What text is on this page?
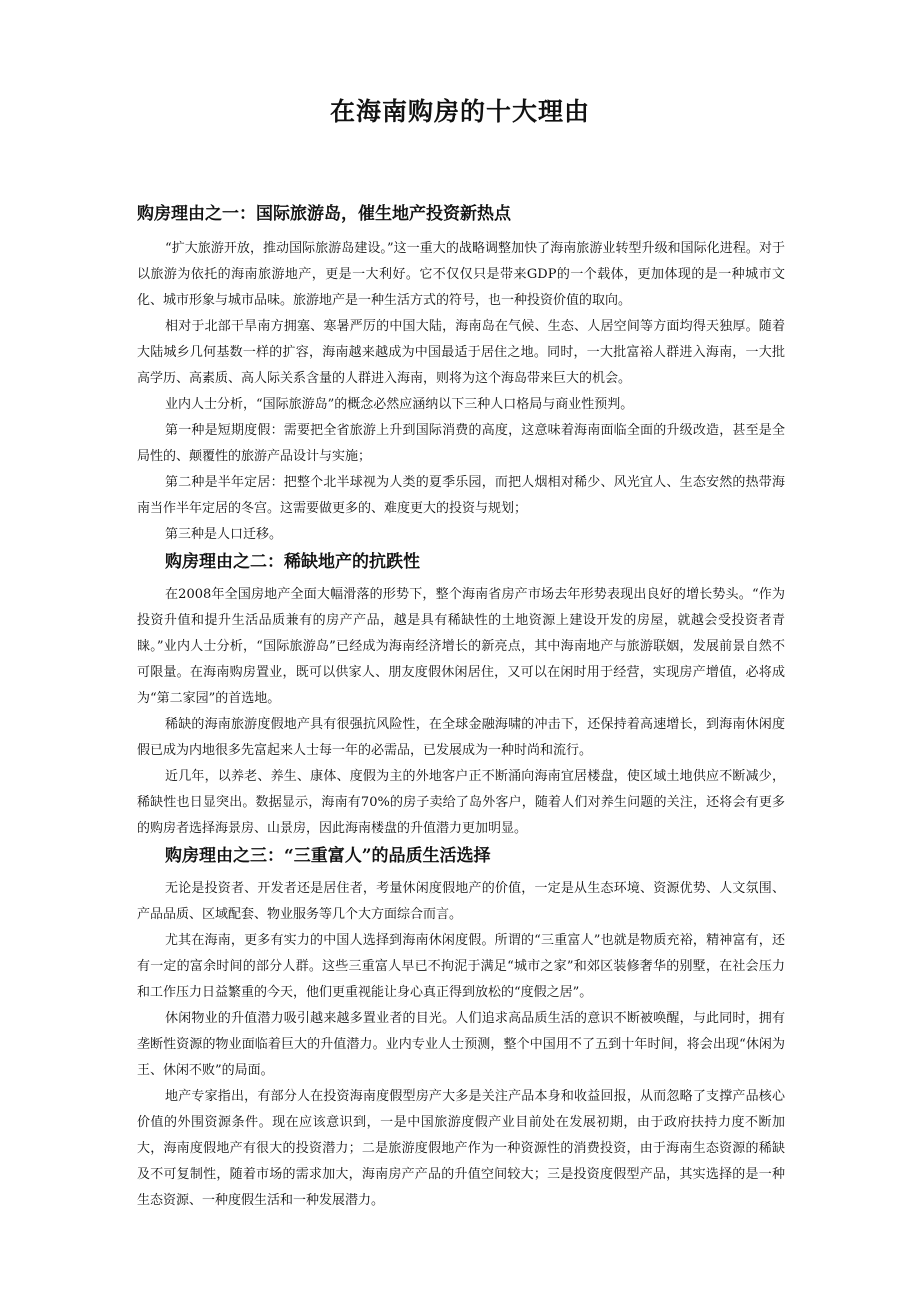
在海南购房的十大理由
购房理由之一：国际旅游岛，催生地产投资新热点

“扩大旅游开放，推动国际旅游岛建设。”这一重大的战略调整加快了海南旅游业转型升级和国际化进程。对于以旅游为依托的海南旅游地产，更是一大利好。它不仅仅只是带来GDP的一个载体，更加体现的是一种城市文化、城市形象与城市品味。旅游地产是一种生活方式的符号，也一种投资价值的取向。

相对于北部干旱南方拥塞、寒暑严厉的中国大陆，海南岛在气候、生态、人居空间等方面均得天独厚。随着大陆城乡几何基数一样的扩容，海南越来越成为中国最适于居住之地。同时，一大批富裕人群进入海南，一大批高学历、高素质、高人际关系含量的人群进入海南，则将为这个海岛带来巨大的机会。

业内人士分析，“国际旅游岛”的概念必然应涵纳以下三种人口格局与商业性预判。

第一种是短期度假：需要把全省旅游上升到国际消费的高度，这意味着海南面临全面的升级改造，甚至是全局性的、颠覆性的旅游产品设计与实施；

第二种是半年定居：把整个北半球视为人类的夏季乐园，而把人烟相对稀少、风光宜人、生态安然的热带海南当作半年定居的冬宫。这需要做更多的、难度更大的投资与规划；

第三种是人口迁移。

购房理由之二：稀缺地产的抗跌性

在2008年全国房地产全面大幅滑落的形势下，整个海南省房产市场去年形势表现出良好的增长势头。“作为投资升值和提升生活品质兼有的房产产品，越是具有稀缺性的土地资源上建设开发的房屋，就越会受投资者青睐。”业内人士分析，“国际旅游岛”已经成为海南经济增长的新亮点，其中海南地产与旅游联姻，发展前景自然不可限量。在海南购房置业，既可以供家人、朋友度假休闲居住，又可以在闲时用于经营，实现房产增值，必将成为“第二家园”的首选地。

稀缺的海南旅游度假地产具有很强抗风险性，在全球金融海啸的冲击下，还保持着高速增长，到海南休闲度假已成为内地很多先富起来人士每一年的必需品，已发展成为一种时尚和流行。

近几年，以养老、养生、康体、度假为主的外地客户正不断涌向海南宜居楼盘，使区域土地供应不断减少，稀缺性也日显突出。数据显示，海南有70%的房子卖给了岛外客户，随着人们对养生问题的关注，还将会有更多的购房者选择海景房、山景房，因此海南楼盘的升值潜力更加明显。

购房理由之三：“三重富人”的品质生活选择

无论是投资者、开发者还是居住者，考量休闲度假地产的价值，一定是从生态环境、资源优势、人文氛围、产品品质、区域配套、物业服务等几个大方面综合而言。

尤其在海南，更多有实力的中国人选择到海南休闲度假。所谓的“三重富人”也就是物质充裕，精神富有，还有一定的富余时间的部分人群。这些三重富人早已不拘泥于满足“城市之家”和郊区装修奢华的别墅，在社会压力和工作压力日益繁重的今天，他们更重视能让身心真正得到放松的“度假之居”。

休闲物业的升值潜力吸引越来越多置业者的目光。人们追求高品质生活的意识不断被唤醒，与此同时，拥有垄断性资源的物业面临着巨大的升值潜力。业内专业人士预测，整个中国用不了五到十年时间，将会出现“休闲为王、休闲不败”的局面。

地产专家指出，有部分人在投资海南度假型房产大多是关注产品本身和收益回报，从而忽略了支撑产品核心价值的外围资源条件。现在应该意识到，一是中国旅游度假产业目前处在发展初期，由于政府扶持力度不断加大，海南度假地产有很大的投资潜力；二是旅游度假地产作为一种资源性的消费投资，由于海南生态资源的稀缺及不可复制性，随着市场的需求加大，海南房产产品的升值空间较大；三是投资度假型产品，其实选择的是一种生态资源、一种度假生活和一种发展潜力。
